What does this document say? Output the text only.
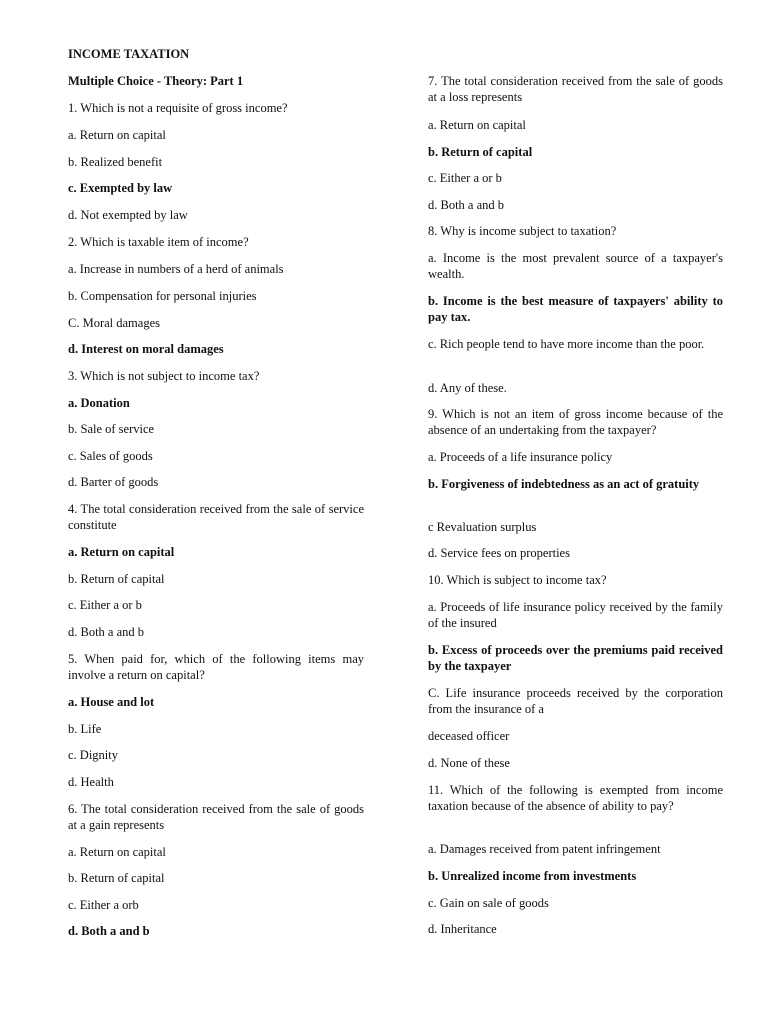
INCOME TAXATION
Multiple Choice - Theory: Part 1
1. Which is not a requisite of gross income?
a. Return on capital
b. Realized benefit
c. Exempted by law
d. Not exempted by law
2. Which is taxable item of income?
a. Increase in numbers of a herd of animals
b. Compensation for personal injuries
C. Moral damages
d. Interest on moral damages
3. Which is not subject to income tax?
a. Donation
b. Sale of service
c. Sales of goods
d. Barter of goods
4. The total consideration received from the sale of service constitute
a. Return on capital
b. Return of capital
c. Either a or b
d. Both a and b
5. When paid for, which of the following items may involve a return on capital?
a. House and lot
b. Life
c. Dignity
d. Health
6. The total consideration received from the sale of goods at a gain represents
a. Return on capital
b. Return of capital
c. Either a orb
d. Both a and b
7. The total consideration received from the sale of goods at a loss represents
a. Return on capital
b. Return of capital
c. Either a or b
d. Both a and b
8. Why is income subject to taxation?
a. Income is the most prevalent source of a taxpayer's wealth.
b. Income is the best measure of taxpayers' ability to pay tax.
c. Rich people tend to have more income than the poor.
d. Any of these.
9. Which is not an item of gross income because of the absence of an undertaking from the taxpayer?
a. Proceeds of a life insurance policy
b. Forgiveness of indebtedness as an act of gratuity
c Revaluation surplus
d. Service fees on properties
10. Which is subject to income tax?
a. Proceeds of life insurance policy received by the family of the insured
b. Excess of proceeds over the premiums paid received by the taxpayer
C. Life insurance proceeds received by the corporation from the insurance of a
deceased officer
d. None of these
11. Which of the following is exempted from income taxation because of the absence of ability to pay?
a. Damages received from patent infringement
b. Unrealized income from investments
c. Gain on sale of goods
d. Inheritance
